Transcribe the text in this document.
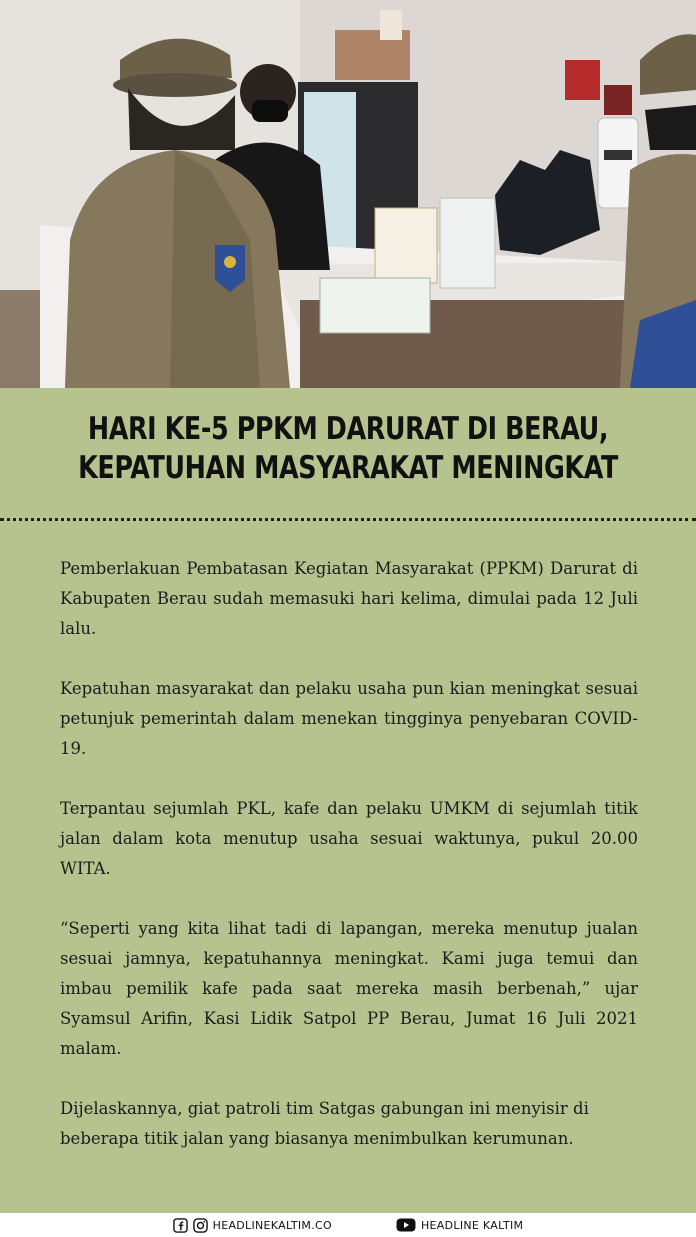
HARI KE-5 PPKM DARURAT DI BERAU,
KEPATUHAN MASYARAKAT MENINGKAT

Pemberlakuan Pembatasan Kegiatan Masyarakat (PPKM) Darurat di Kabupaten Berau sudah memasuki hari kelima, dimulai pada 12 Juli lalu.

Kepatuhan masyarakat dan pelaku usaha pun kian meningkat sesuai petunjuk pemerintah dalam menekan tingginya penyebaran COVID-19.

Terpantau sejumlah PKL, kafe dan pelaku UMKM di sejumlah titik jalan dalam kota menutup usaha sesuai waktunya, pukul 20.00 WITA.

“Seperti yang kita lihat tadi di lapangan, mereka menutup jualan sesuai jamnya, kepatuhannya meningkat. Kami juga temui dan imbau pemilik kafe pada saat mereka masih berbenah,” ujar Syamsul Arifin, Kasi Lidik Satpol PP Berau, Jumat 16 Juli 2021 malam.

Dijelaskannya, giat patroli tim Satgas gabungan ini menyisir di beberapa titik jalan yang biasanya menimbulkan kerumunan.

HEADLINEKALTIM.CO	HEADLINE KALTIM
